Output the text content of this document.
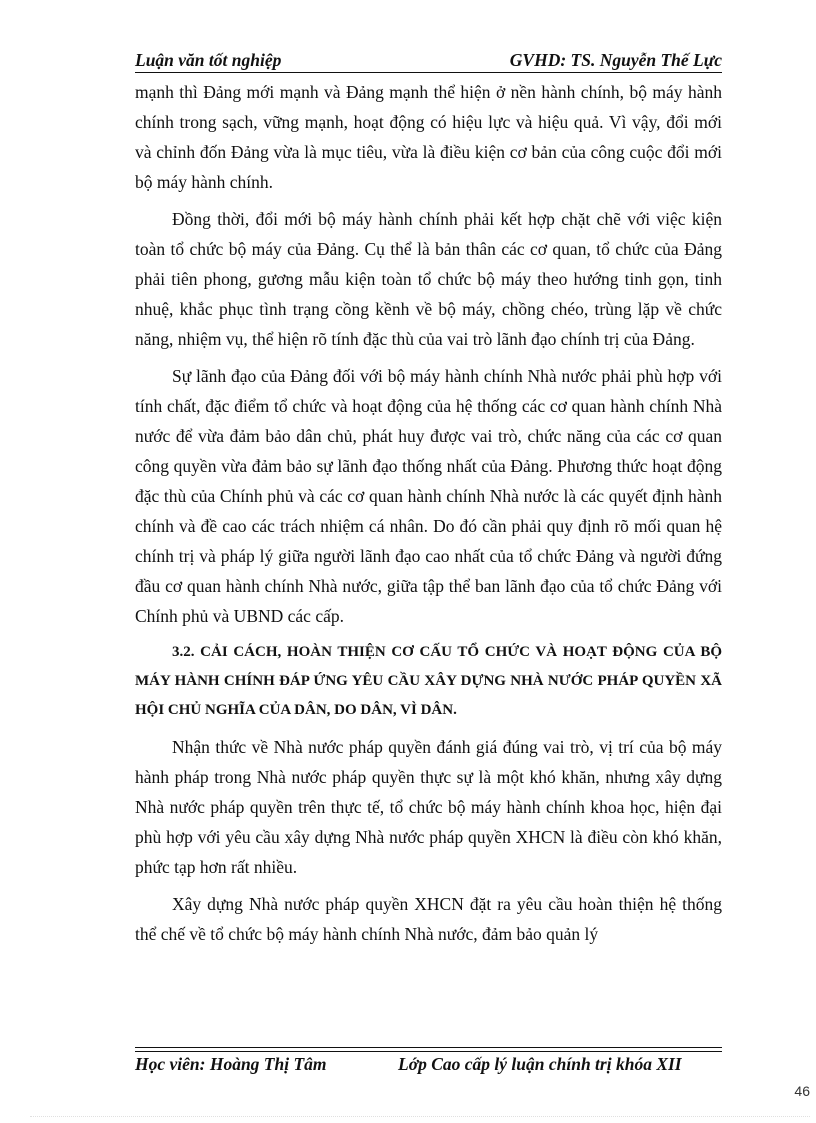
Luận văn tốt nghiệp	GVHD: TS. Nguyễn Thế Lực

mạnh thì Đảng mới mạnh và Đảng mạnh thể hiện ở nền hành chính, bộ máy hành chính trong sạch, vững mạnh, hoạt động có hiệu lực và hiệu quả. Vì vậy, đổi mới và chỉnh đốn Đảng vừa là mục tiêu, vừa là điều kiện cơ bản của công cuộc đổi mới bộ máy hành chính.

Đồng thời, đổi mới bộ máy hành chính phải kết hợp chặt chẽ với việc kiện toàn tổ chức bộ máy của Đảng. Cụ thể là bản thân các cơ quan, tổ chức của Đảng phải tiên phong, gương mẫu kiện toàn tổ chức bộ máy theo hướng tinh gọn, tinh nhuệ, khắc phục tình trạng cồng kềnh về bộ máy, chồng chéo, trùng lặp về chức năng, nhiệm vụ, thể hiện rõ tính đặc thù của vai trò lãnh đạo chính trị của Đảng.

Sự lãnh đạo của Đảng đối với bộ máy hành chính Nhà nước phải phù hợp với tính chất, đặc điểm tổ chức và hoạt động của hệ thống các cơ quan hành chính Nhà nước để vừa đảm bảo dân chủ, phát huy được vai trò, chức năng của các cơ quan công quyền vừa đảm bảo sự lãnh đạo thống nhất của Đảng. Phương thức hoạt động đặc thù của Chính phủ và các cơ quan hành chính Nhà nước là các quyết định hành chính và đề cao các trách nhiệm cá nhân. Do đó cần phải quy định rõ mối quan hệ chính trị và pháp lý giữa người lãnh đạo cao nhất của tổ chức Đảng và người đứng đầu cơ quan hành chính Nhà nước, giữa tập thể ban lãnh đạo của tổ chức Đảng với Chính phủ và UBND các cấp.

3.2. CẢI CÁCH, HOÀN THIỆN CƠ CẤU TỔ CHỨC VÀ HOẠT ĐỘNG CỦA BỘ MÁY HÀNH CHÍNH ĐÁP ỨNG YÊU CẦU XÂY DỰNG NHÀ NƯỚC PHÁP QUYỀN XÃ HỘI CHỦ NGHĨA CỦA DÂN, DO DÂN, VÌ DÂN.

Nhận thức về Nhà nước pháp quyền đánh giá đúng vai trò, vị trí của bộ máy hành pháp trong Nhà nước pháp quyền thực sự là một khó khăn, nhưng xây dựng Nhà nước pháp quyền trên thực tế, tổ chức bộ máy hành chính khoa học, hiện đại phù hợp với yêu cầu xây dựng Nhà nước pháp quyền XHCN là điều còn khó khăn, phức tạp hơn rất nhiều.

Xây dựng Nhà nước pháp quyền XHCN đặt ra yêu cầu hoàn thiện hệ thống thể chế về tổ chức bộ máy hành chính Nhà nước, đảm bảo quản lý

Học viên: Hoàng Thị Tâm	Lớp Cao cấp lý luận chính trị khóa XII
46
